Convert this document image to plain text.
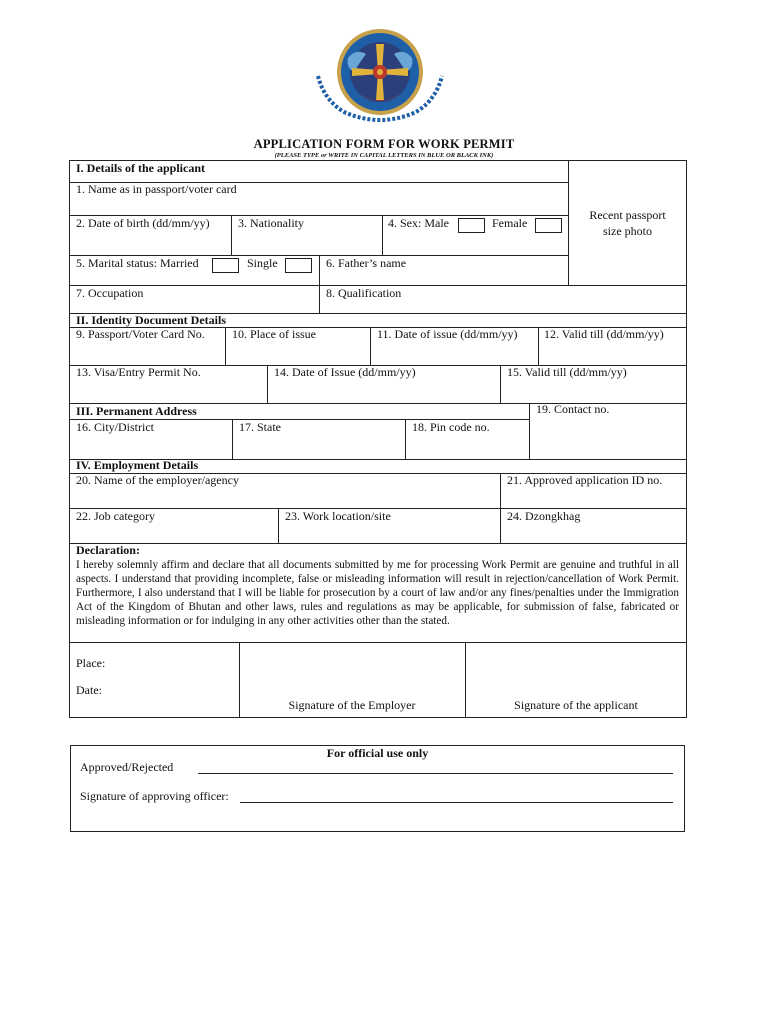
APPLICATION FORM FOR WORK PERMIT
(PLEASE TYPE or WRITE IN CAPITAL LETTERS IN BLUE OR BLACK INK)
I. Details of the applicant
1. Name as in passport/voter card
2. Date of birth (dd/mm/yy) 3. Nationality	4. Sex: Male	Female
5. Marital status: Married	Single	6. Father’s name
Recent passport
size photo
7. Occupation	8. Qualification
II. Identity Document Details
9. Passport/Voter Card No. 10. Place of issue	11. Date of issue (dd/mm/yy) 12. Valid till (dd/mm/yy)
13. Visa/Entry Permit No.	14. Date of Issue (dd/mm/yy)	15. Valid till (dd/mm/yy)
III. Permanent Address	19. Contact no.
16. City/District	17. State	18. Pin code no.
IV. Employment Details
20. Name of the employer/agency	21. Approved application ID no.
22. Job category	23. Work location/site	24. Dzongkhag
Declaration:
I hereby solemnly affirm and declare that all documents submitted by me for processing Work Permit are genuine and truthful in all aspects. I understand that providing incomplete, false or misleading information will result in rejection/cancellation of Work Permit. Furthermore, I also understand that I will be liable for prosecution by a court of law and/or any fines/penalties under the Immigration Act of the Kingdom of Bhutan and other laws, rules and regulations as may be applicable, for submission of false, fabricated or misleading information or for indulging in any other activities other than the stated.
Place:
Date:
Signature of the Employer	Signature of the applicant
For official use only
Approved/Rejected
Signature of approving officer:
